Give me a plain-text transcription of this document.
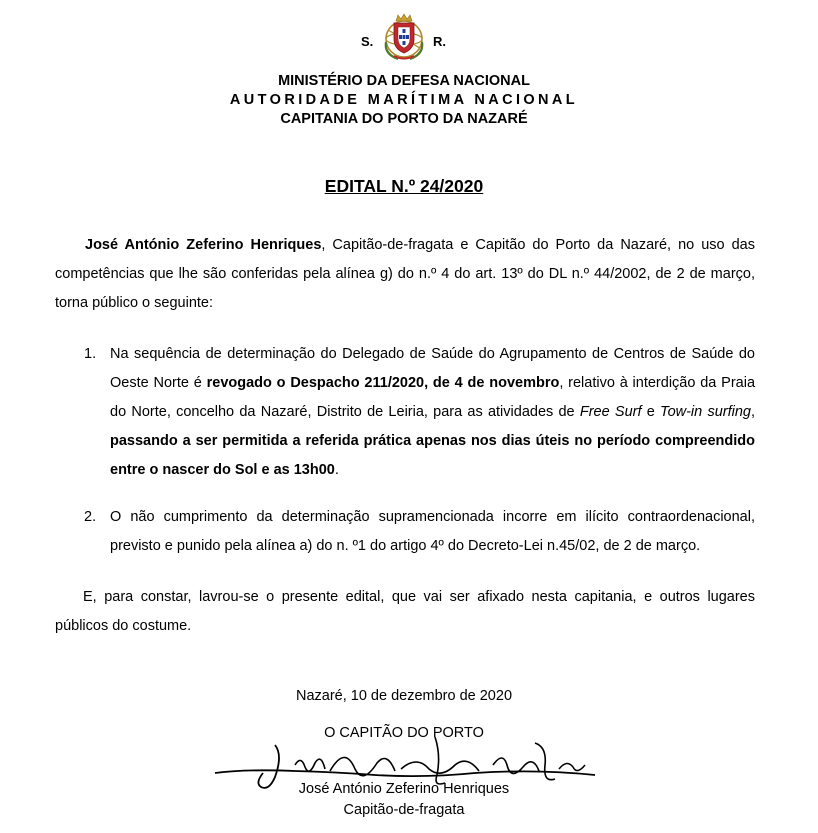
S.	R.
MINISTÉRIO DA DEFESA NACIONAL
AUTORIDADE MARÍTIMA NACIONAL
CAPITANIA DO PORTO DA NAZARÉ
EDITAL N.º 24/2020
José António Zeferino Henriques, Capitão-de-fragata e Capitão do Porto da Nazaré, no uso das competências que lhe são conferidas pela alínea g) do n.º 4 do art. 13º do DL n.º 44/2002, de 2 de março, torna público o seguinte:
1. Na sequência de determinação do Delegado de Saúde do Agrupamento de Centros de Saúde do Oeste Norte é revogado o Despacho 211/2020, de 4 de novembro, relativo à interdição da Praia do Norte, concelho da Nazaré, Distrito de Leiria, para as atividades de Free Surf e Tow-in surfing, passando a ser permitida a referida prática apenas nos dias úteis no período compreendido entre o nascer do Sol e as 13h00.
2. O não cumprimento da determinação supramencionada incorre em ilícito contraordenacional, previsto e punido pela alínea a) do n. º1 do artigo 4º do Decreto-Lei n.45/02, de 2 de março.
E, para constar, lavrou-se o presente edital, que vai ser afixado nesta capitania, e outros lugares públicos do costume.
Nazaré, 10 de dezembro de 2020
O CAPITÃO DO PORTO
José António Zeferino Henriques
Capitão-de-fragata
